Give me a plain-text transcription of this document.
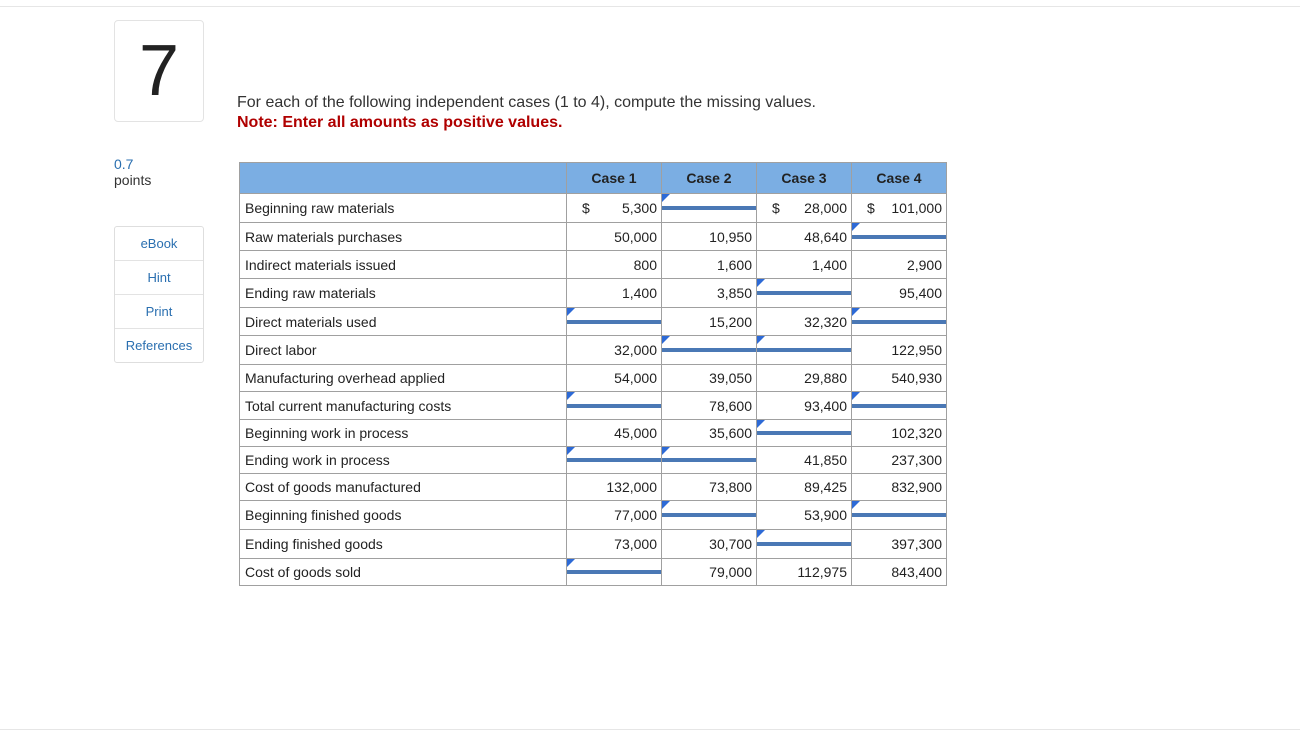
7
0.7
points
eBook
Hint
Print
References
For each of the following independent cases (1 to 4), compute the missing values.
Note: Enter all amounts as positive values.
	Case 1	Case 2	Case 3	Case 4
Beginning raw materials	$ 5,300		$ 28,000	$ 101,000
Raw materials purchases	50,000	10,950	48,640	

Indirect materials issued	800	1,600	1,400	2,900
Ending raw materials	1,400	3,850		95,400
Direct materials used		15,200	32,320	

Direct labor	32,000			122,950
Manufacturing overhead applied	54,000	39,050	29,880	540,930
Total current manufacturing costs		78,600	93,400	

Beginning work in process	45,000	35,600		102,320
Ending work in process			41,850	237,300
Cost of goods manufactured	132,000	73,800	89,425	832,900
Beginning finished goods	77,000		53,900	

Ending finished goods	73,000	30,700		397,300
Cost of goods sold		79,000	112,975	843,400
